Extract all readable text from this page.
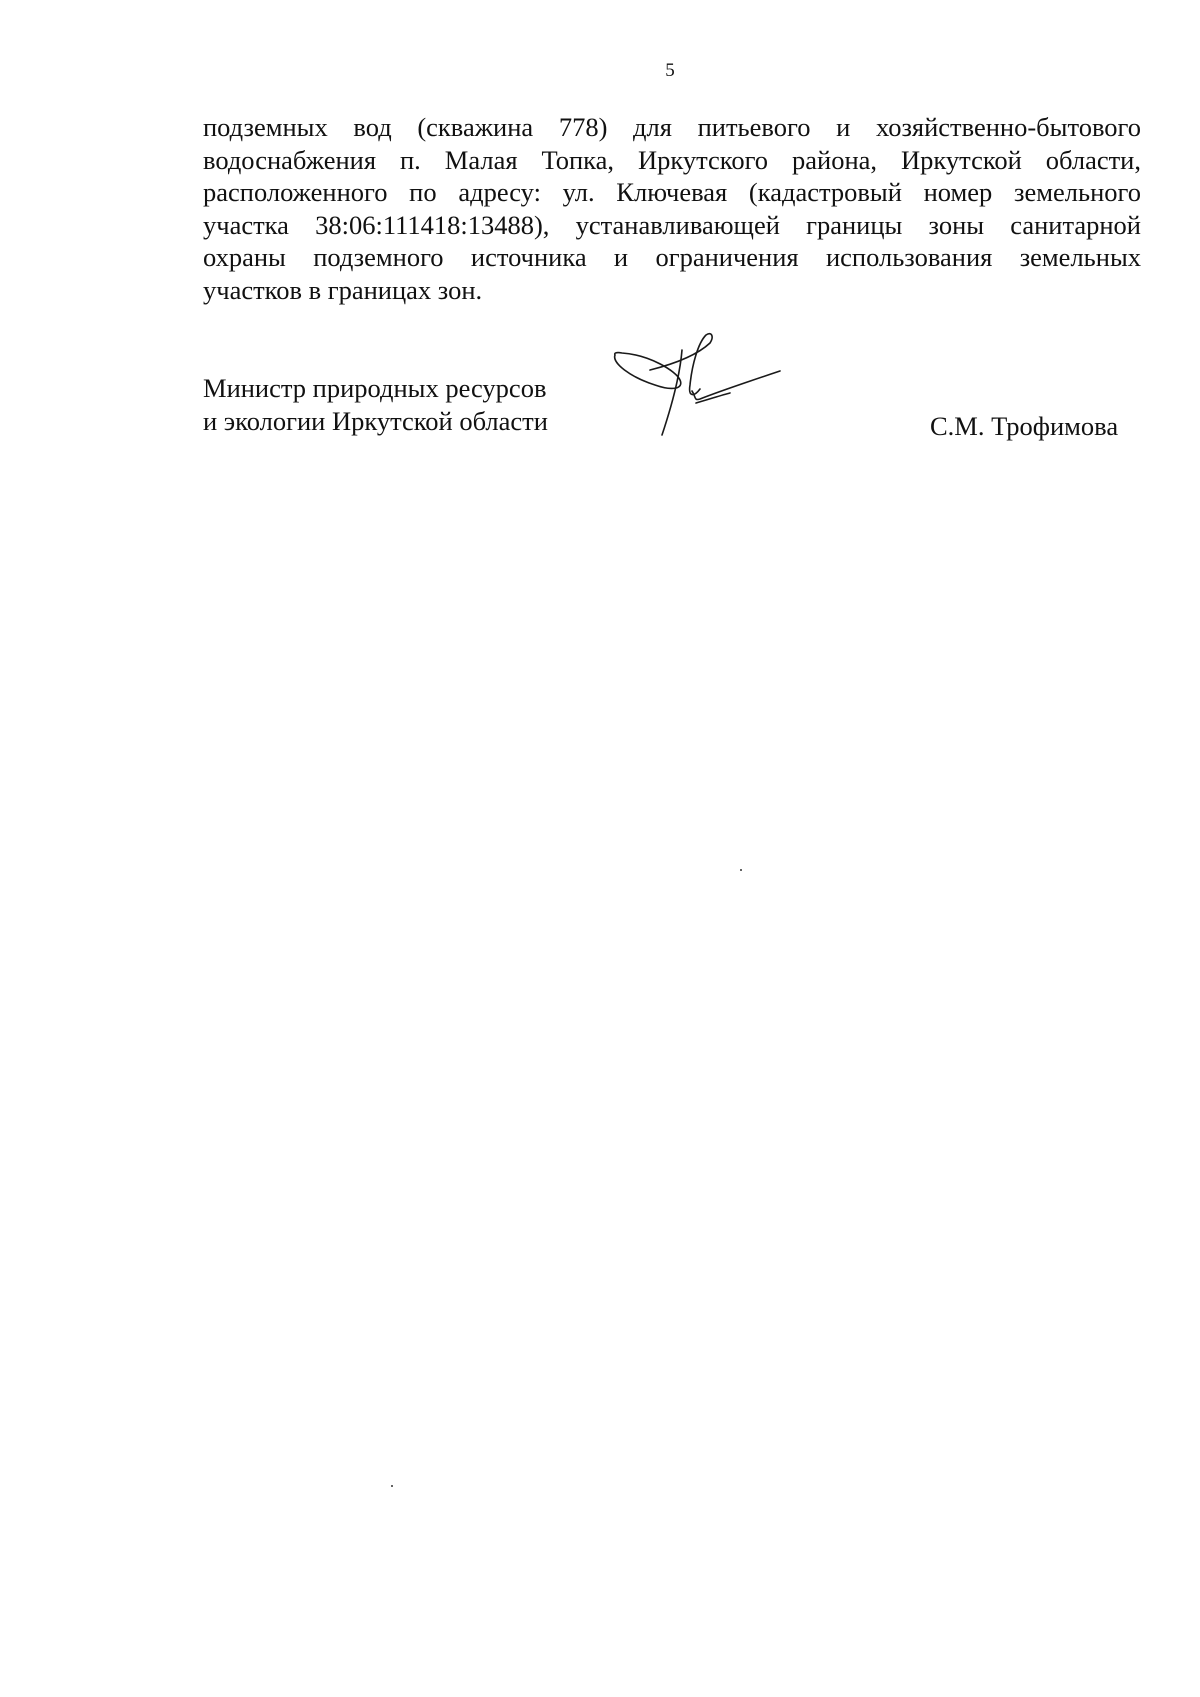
5
подземных вод (скважина 778) для питьевого и хозяйственно-бытового
водоснабжения п. Малая Топка, Иркутского района, Иркутской области,
расположенного по адресу: ул. Ключевая (кадастровый номер земельного
участка 38:06:111418:13488), устанавливающей границы зоны санитарной
охраны подземного источника и ограничения использования земельных
участков в границах зон.
Министр природных ресурсов
и экологии Иркутской области	С.М. Трофимова
